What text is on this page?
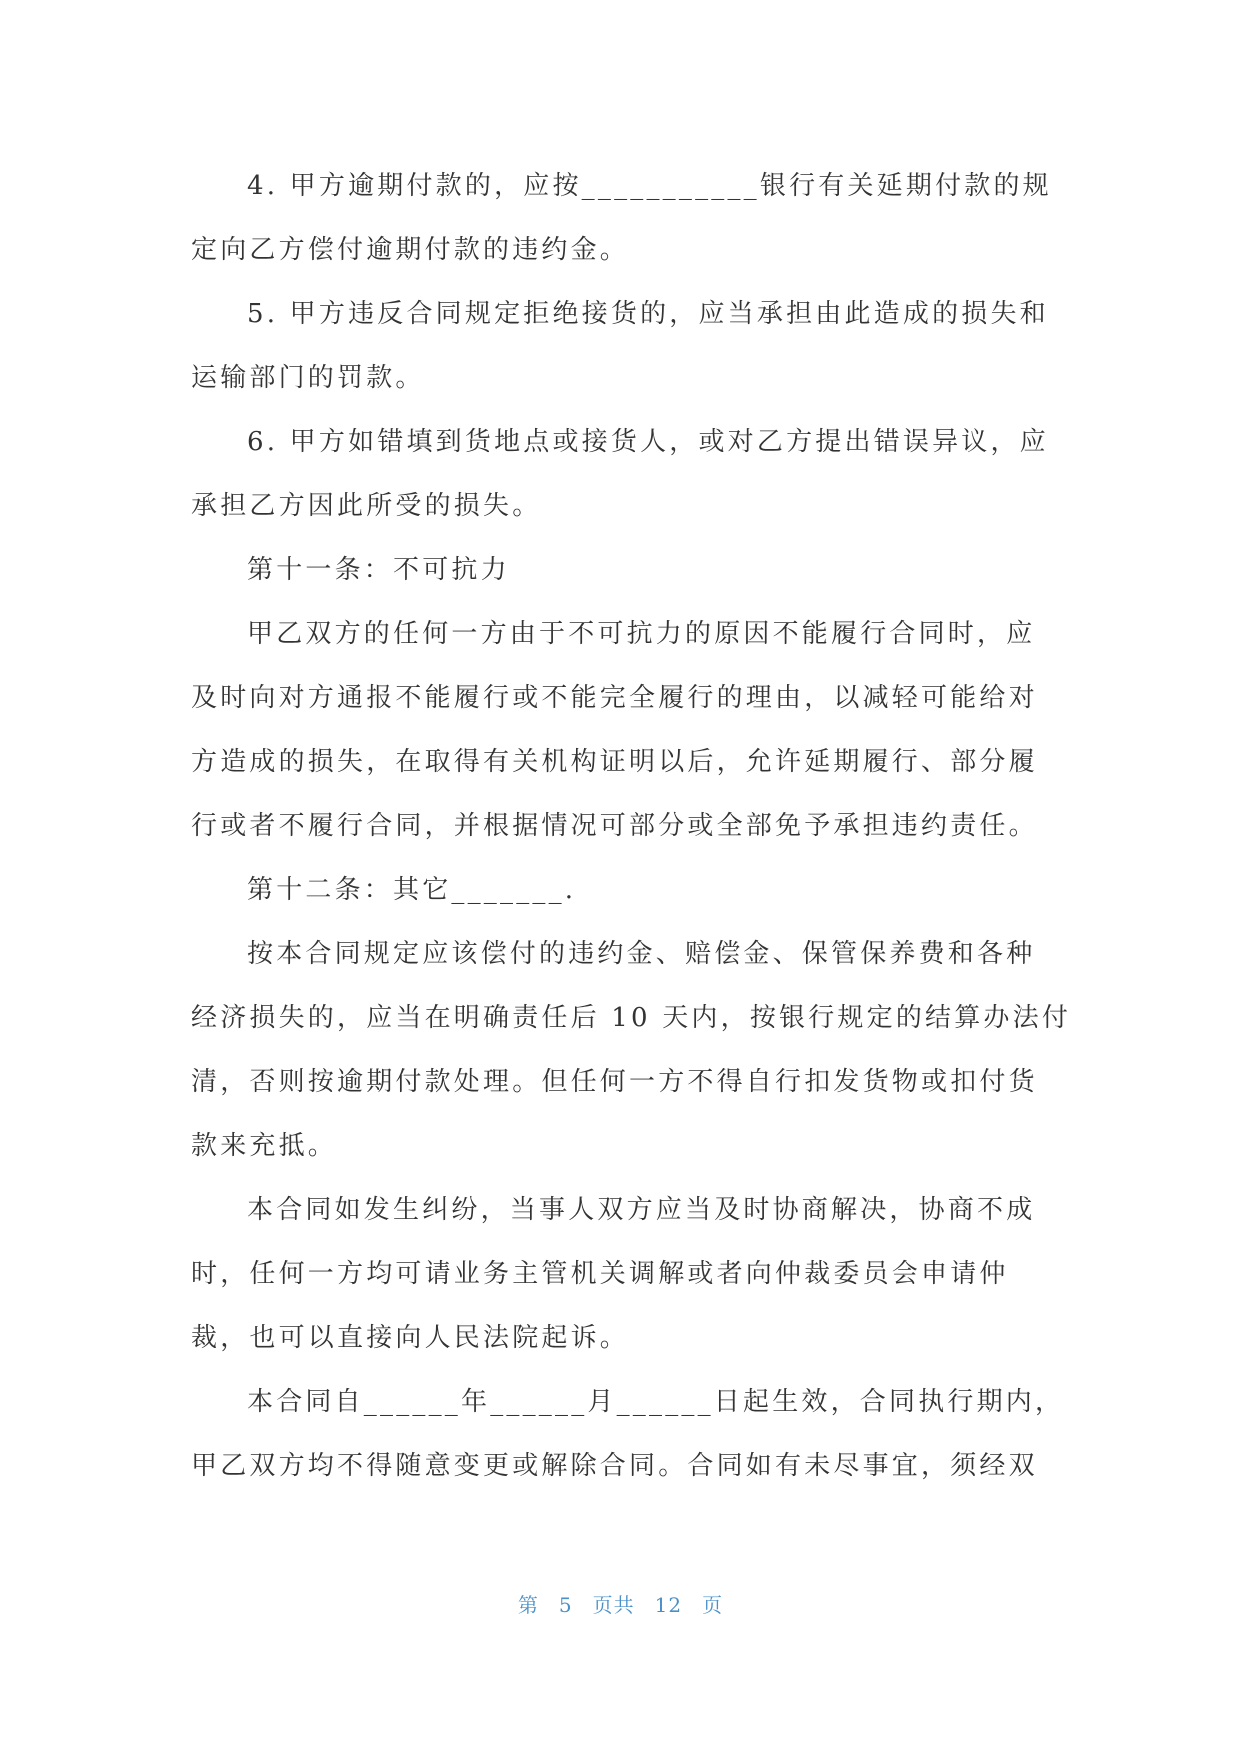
4. 甲方逾期付款的，应按___________银行有关延期付款的规
定向乙方偿付逾期付款的违约金。
5. 甲方违反合同规定拒绝接货的，应当承担由此造成的损失和
运输部门的罚款。
6. 甲方如错填到货地点或接货人，或对乙方提出错误异议，应
承担乙方因此所受的损失。
第十一条：不可抗力
甲乙双方的任何一方由于不可抗力的原因不能履行合同时，应
及时向对方通报不能履行或不能完全履行的理由，以减轻可能给对
方造成的损失，在取得有关机构证明以后，允许延期履行、部分履
行或者不履行合同，并根据情况可部分或全部免予承担违约责任。
第十二条：其它_______.
按本合同规定应该偿付的违约金、赔偿金、保管保养费和各种
经济损失的，应当在明确责任后 10 天内，按银行规定的结算办法付
清，否则按逾期付款处理。但任何一方不得自行扣发货物或扣付货
款来充抵。
本合同如发生纠纷，当事人双方应当及时协商解决，协商不成
时，任何一方均可请业务主管机关调解或者向仲裁委员会申请仲
裁，也可以直接向人民法院起诉。
本合同自______年______月______日起生效，合同执行期内，
甲乙双方均不得随意变更或解除合同。合同如有未尽事宜，须经双
第 5 页共 12 页
